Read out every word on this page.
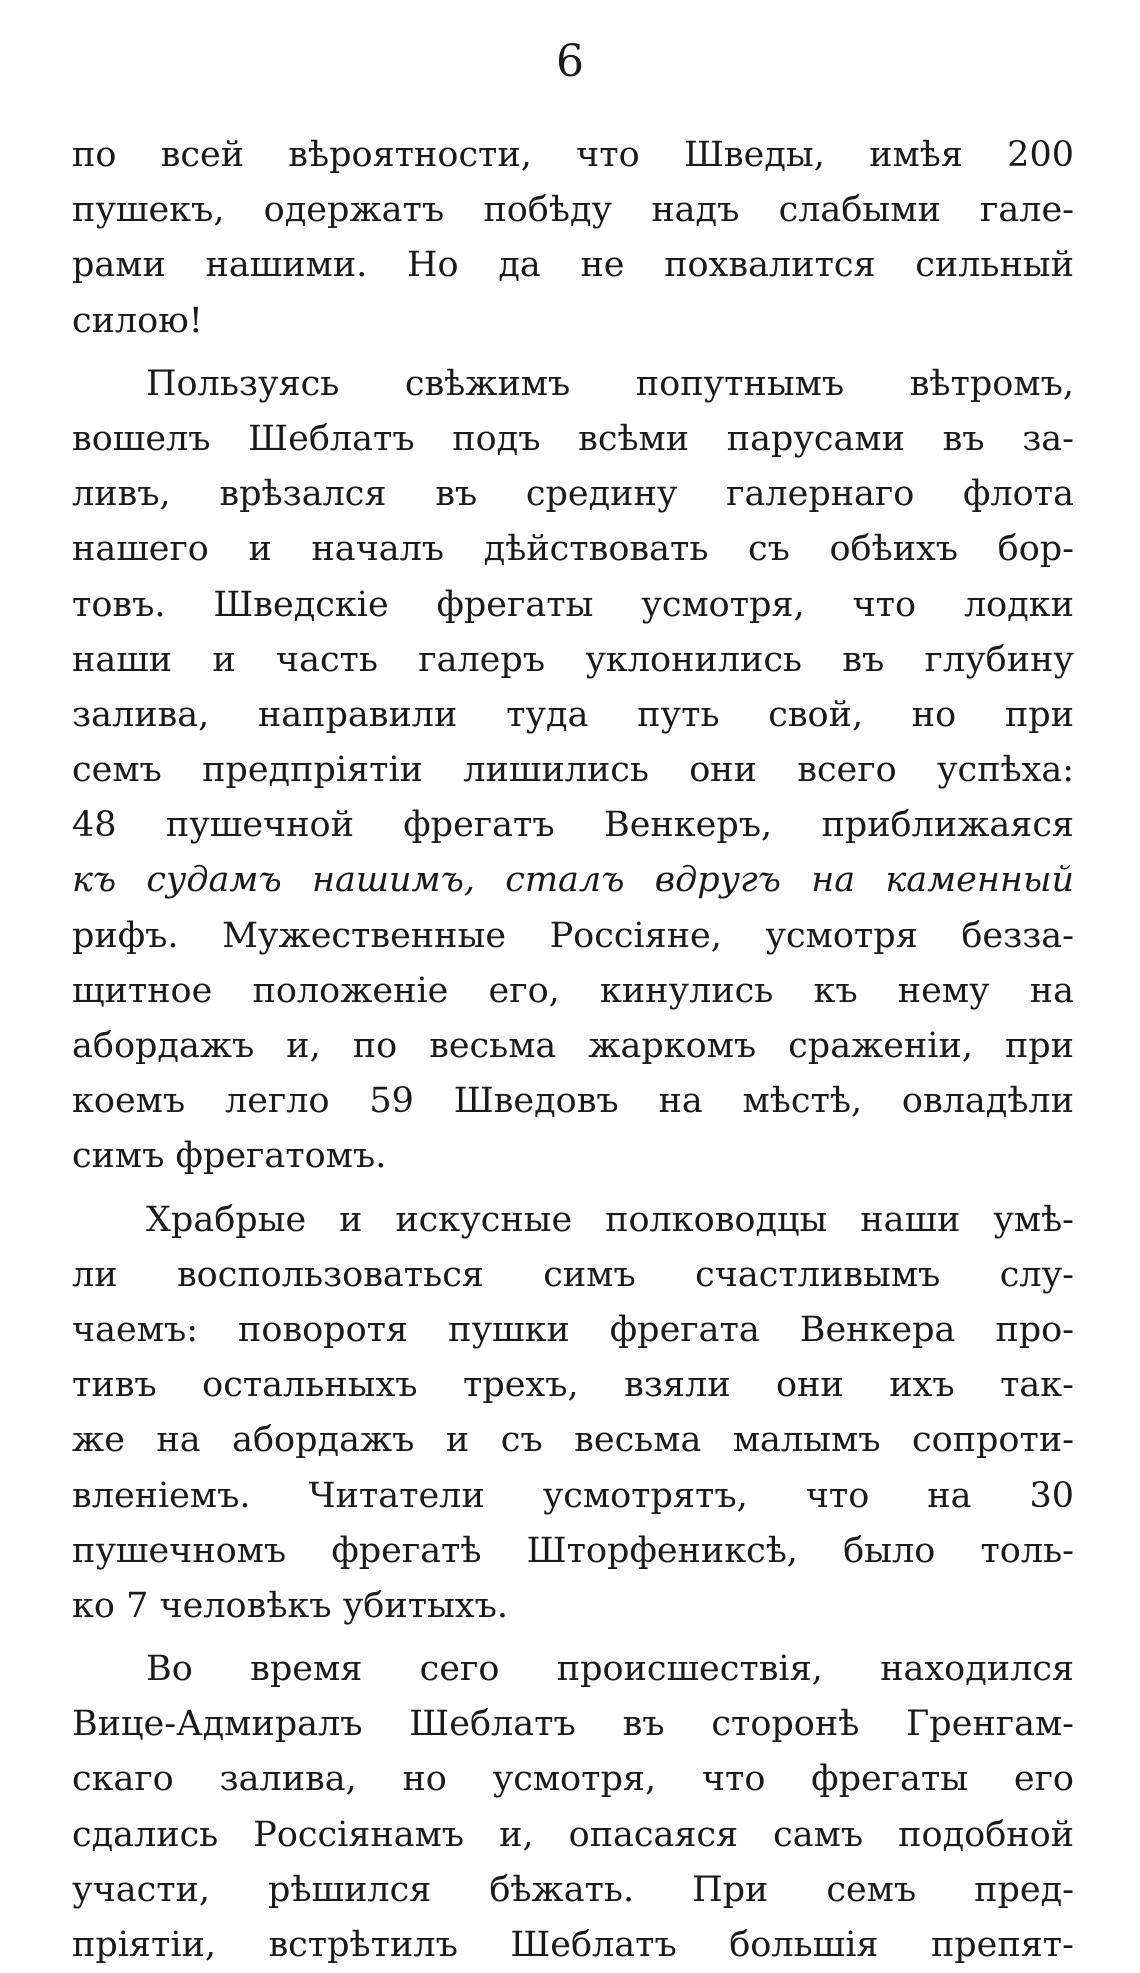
6
по всей вѣроятности, что Шведы, имѣя 200
пушекъ, одержатъ побѣду надъ слабыми гале-
рами нашими. Но да не похвалится сильный
силою!
Пользуясь свѣжимъ попутнымъ вѣтромъ,
вошелъ Шеблатъ подъ всѣми парусами въ за-
ливъ, врѣзался въ средину галернаго флота
нашего и началъ дѣйствовать съ обѣихъ бор-
товъ. Шведскіе фрегаты усмотря, что лодки
наши и часть галеръ уклонились въ глубину
залива, направили туда путь свой, но при
семъ предпріятіи лишились они всего успѣха:
48 пушечной фрегатъ Венкеръ, приближаяся
къ судамъ нашимъ, сталъ вдругъ на каменный
рифъ. Мужественные Россіяне, усмотря безза-
щитное положеніе его, кинулись къ нему на
абордажъ и, по весьма жаркомъ сраженіи, при
коемъ легло 59 Шведовъ на мѣстѣ, овладѣли
симъ фрегатомъ.
Храбрые и искусные полководцы наши умѣ-
ли воспользоваться симъ счастливымъ слу-
чаемъ: поворотя пушки фрегата Венкера про-
тивъ остальныхъ трехъ, взяли они ихъ так-
же на абордажъ и съ весьма малымъ сопроти-
вленіемъ. Читатели усмотрятъ, что на 30
пушечномъ фрегатѣ Шторфениксѣ, было толь-
ко 7 человѣкъ убитыхъ.
Во время сего происшествія, находился
Вице-Адмиралъ Шеблатъ въ сторонѣ Гренгам-
скаго залива, но усмотря, что фрегаты его
сдались Россіянамъ и, опасаяся самъ подобной
участи, рѣшился бѣжать. При семъ пред-
пріятіи, встрѣтилъ Шеблатъ большія препят-
